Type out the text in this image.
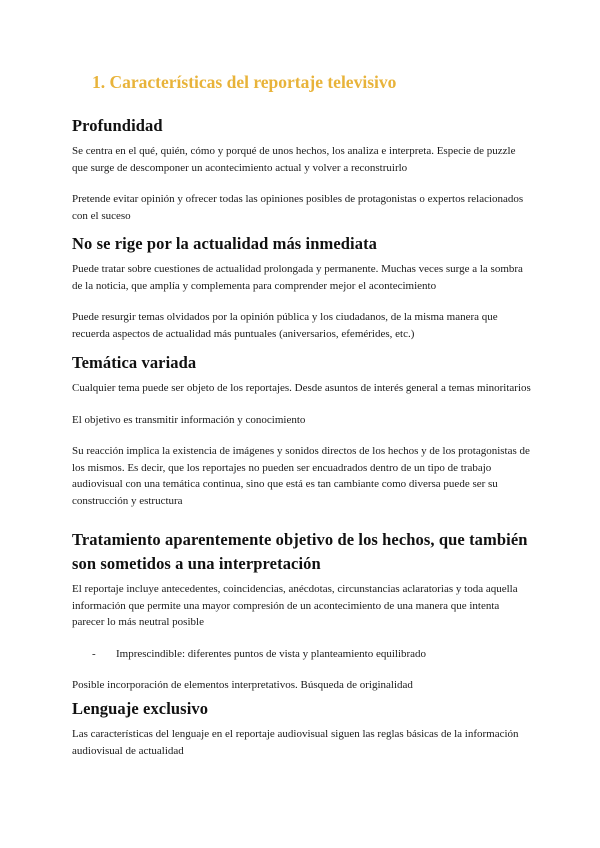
1. Características del reportaje televisivo
Profundidad

Se centra en el qué, quién, cómo y porqué de unos hechos, los analiza e interpreta. Especie de puzzle que surge de descomponer un acontecimiento actual y volver a reconstruirlo

Pretende evitar opinión y ofrecer todas las opiniones posibles de protagonistas o expertos relacionados con el suceso

No se rige por la actualidad más inmediata

Puede tratar sobre cuestiones de actualidad prolongada y permanente. Muchas veces surge a la sombra de la noticia, que amplía y complementa para comprender mejor el acontecimiento

Puede resurgir temas olvidados por la opinión pública y los ciudadanos, de la misma manera que recuerda aspectos de actualidad más puntuales (aniversarios, efemérides, etc.)

Temática variada

Cualquier tema puede ser objeto de los reportajes. Desde asuntos de interés general a temas minoritarios

El objetivo es transmitir información y conocimiento

Su reacción implica la existencia de imágenes y sonidos directos de los hechos y de los protagonistas de los mismos. Es decir, que los reportajes no pueden ser encuadrados dentro de un tipo de trabajo audiovisual con una temática continua, sino que está es tan cambiante como diversa puede ser su construcción y estructura

Tratamiento aparentemente objetivo de los hechos, que también son sometidos a una interpretación

El reportaje incluye antecedentes, coincidencias, anécdotas, circunstancias aclaratorias y toda aquella información que permite una mayor compresión de un acontecimiento de una manera que intenta parecer lo más neutral posible

- Imprescindible: diferentes puntos de vista y planteamiento equilibrado

Posible incorporación de elementos interpretativos. Búsqueda de originalidad

Lenguaje exclusivo

Las características del lenguaje en el reportaje audiovisual siguen las reglas básicas de la información audiovisual de actualidad
